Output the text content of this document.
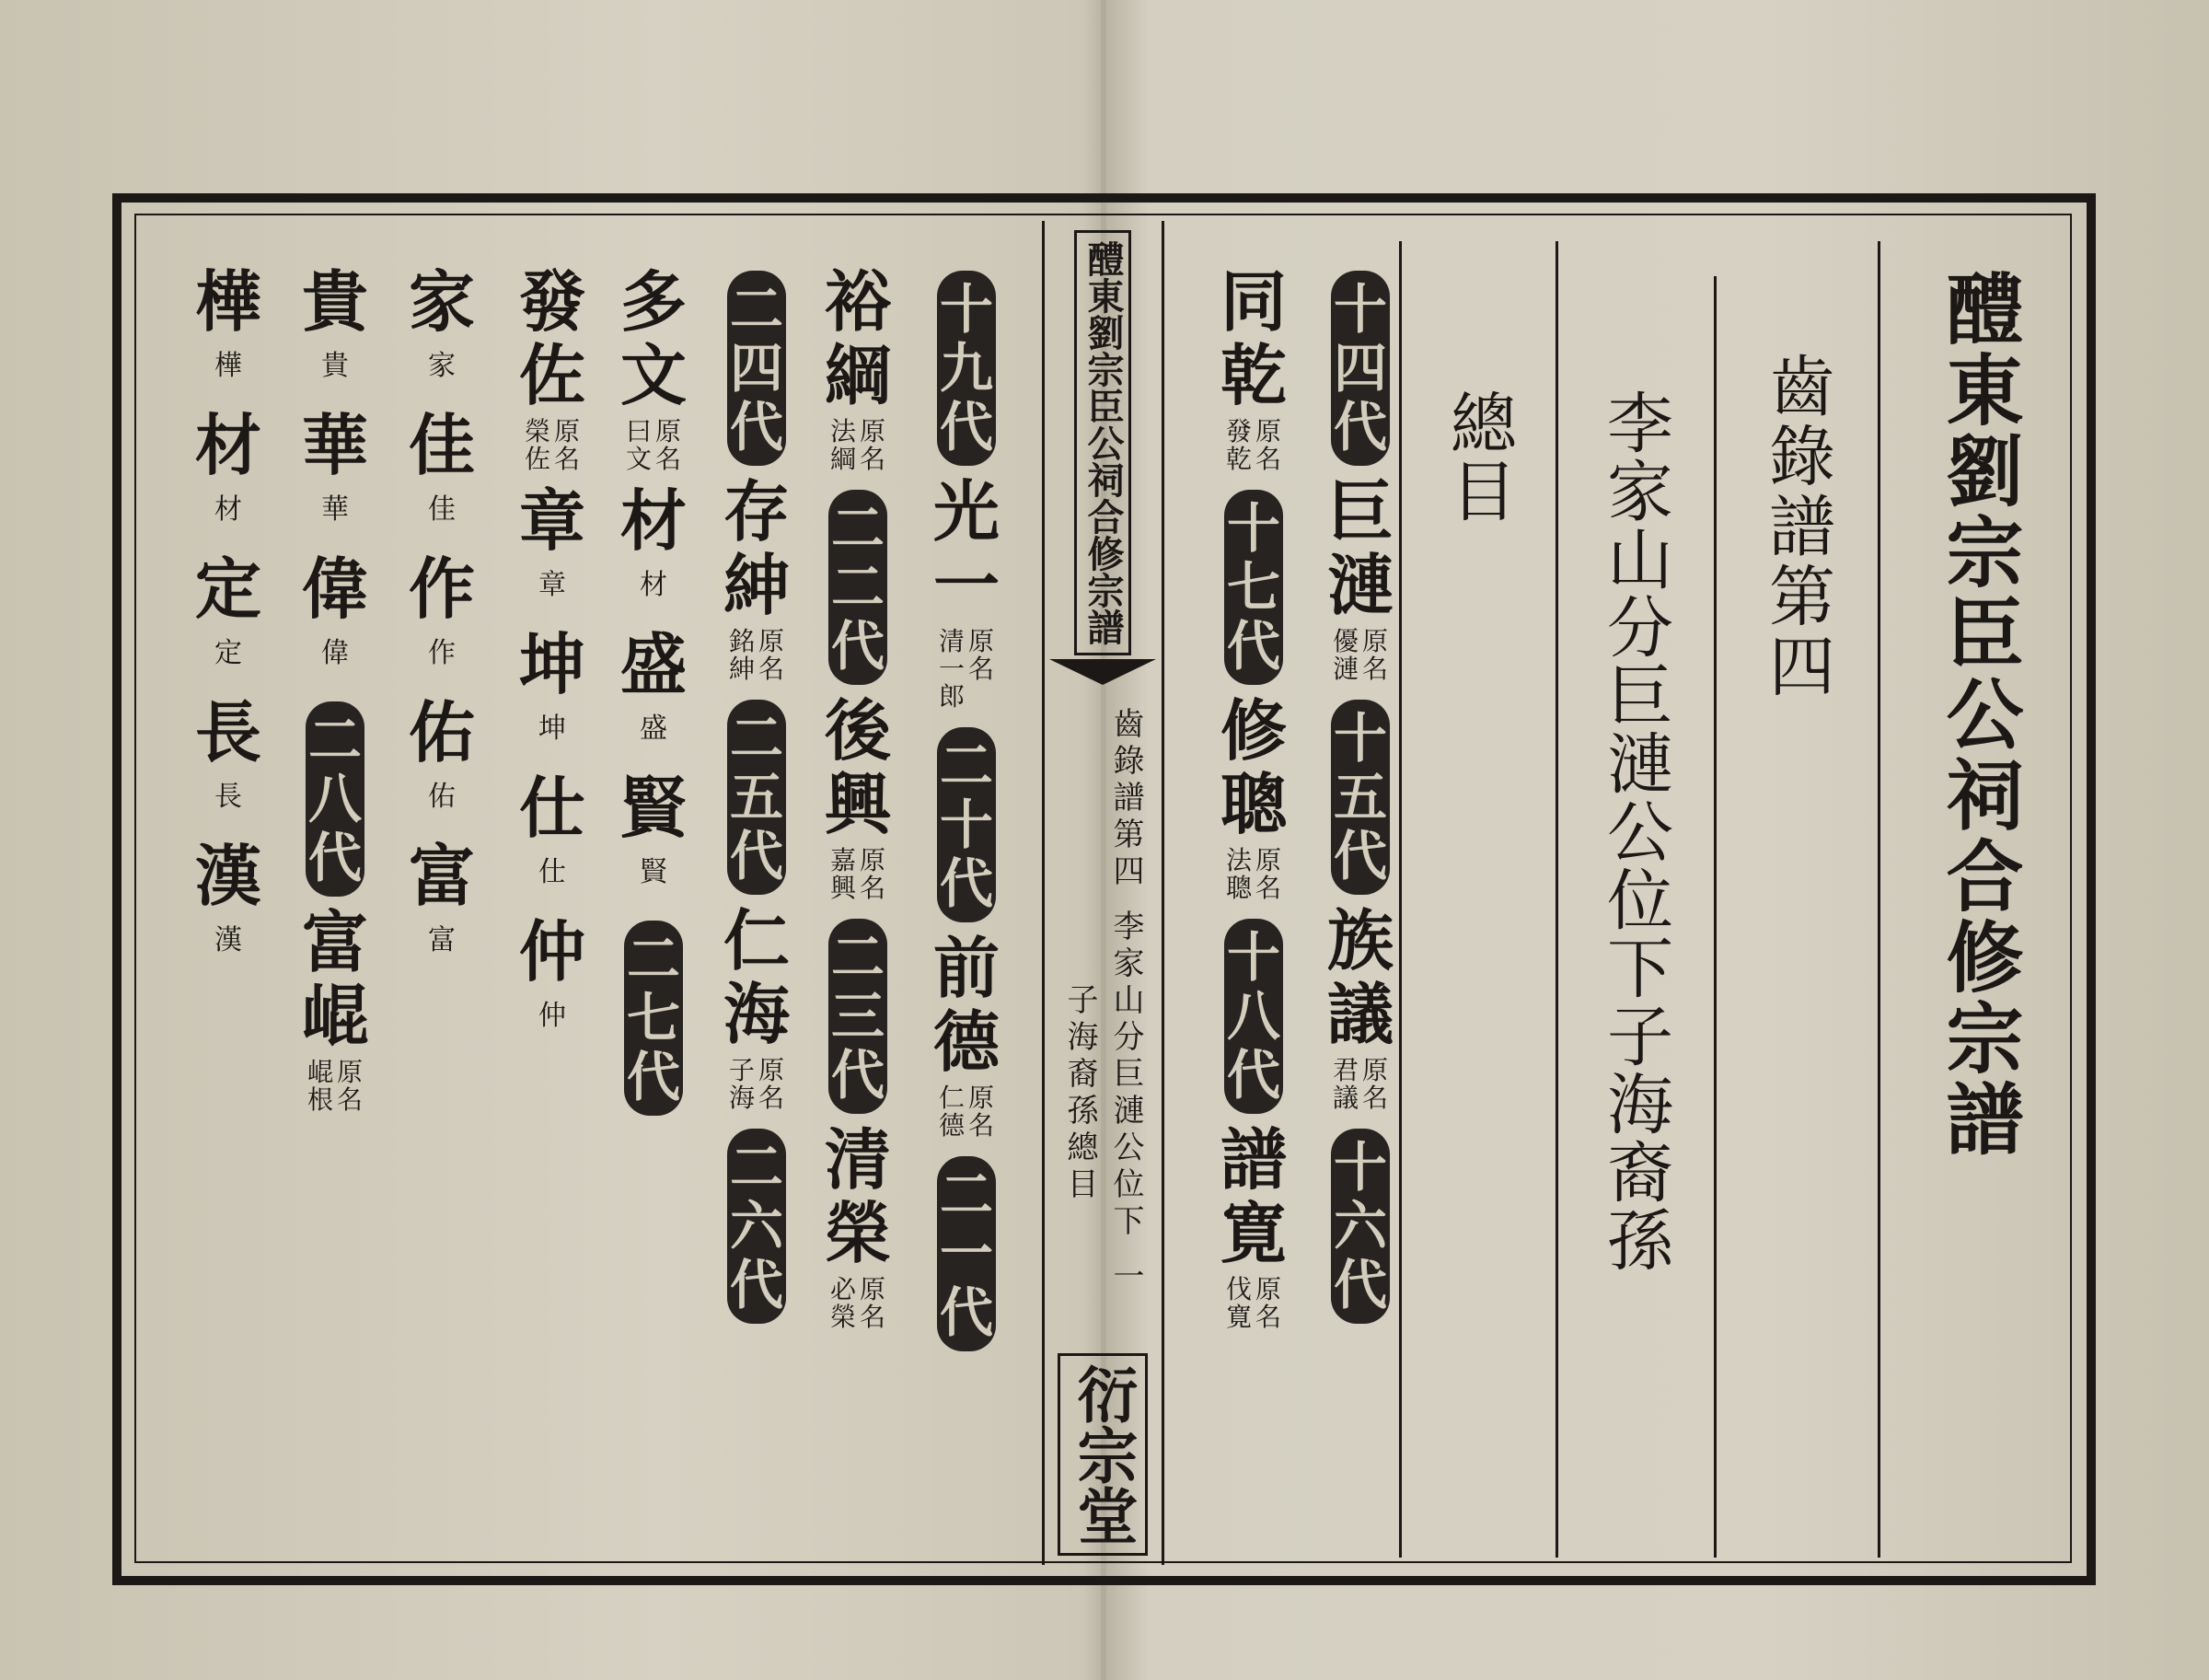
醴東劉宗臣公祠合修宗譜
齒錄譜第四
李家山分巨漣公位下子海裔孫
總目
醴東劉宗臣公祠合修宗譜
齒錄譜第四
李家山分巨漣公位下
一
子海裔孫總目
衍宗堂
十
四
代
巨
漣
原
名
優
漣
十
五
代
族
議
原
名
君
議
十
六
代
同
乾
原
名
發
乾
十
七
代
修
聰
原
名
法
聰
十
八
代
譜
寛
原
名
伐
寛
十
九
代
光
一
原
名
清
一
郎
二
十
代
前
德
原
名
仁
德
二
一
代
裕
綱
原
名
法
綱
二
二
代
後
興
原
名
嘉
興
二
三
代
清
榮
原
名
必
榮
二
四
代
存
紳
原
名
銘
紳
二
五
代
仁
海
原
名
子
海
二
六
代
多
文
原
名
曰
文
材
材
盛
盛
賢
賢
二
七
代
發
佐
原
名
榮
佐
章
章
坤
坤
仕
仕
仲
仲
家
家
佳
佳
作
作
佑
佑
富
富
貴
貴
華
華
偉
偉
二
八
代
富
崐
原
名
崐
根
樺
樺
材
材
定
定
長
長
漢
漢
